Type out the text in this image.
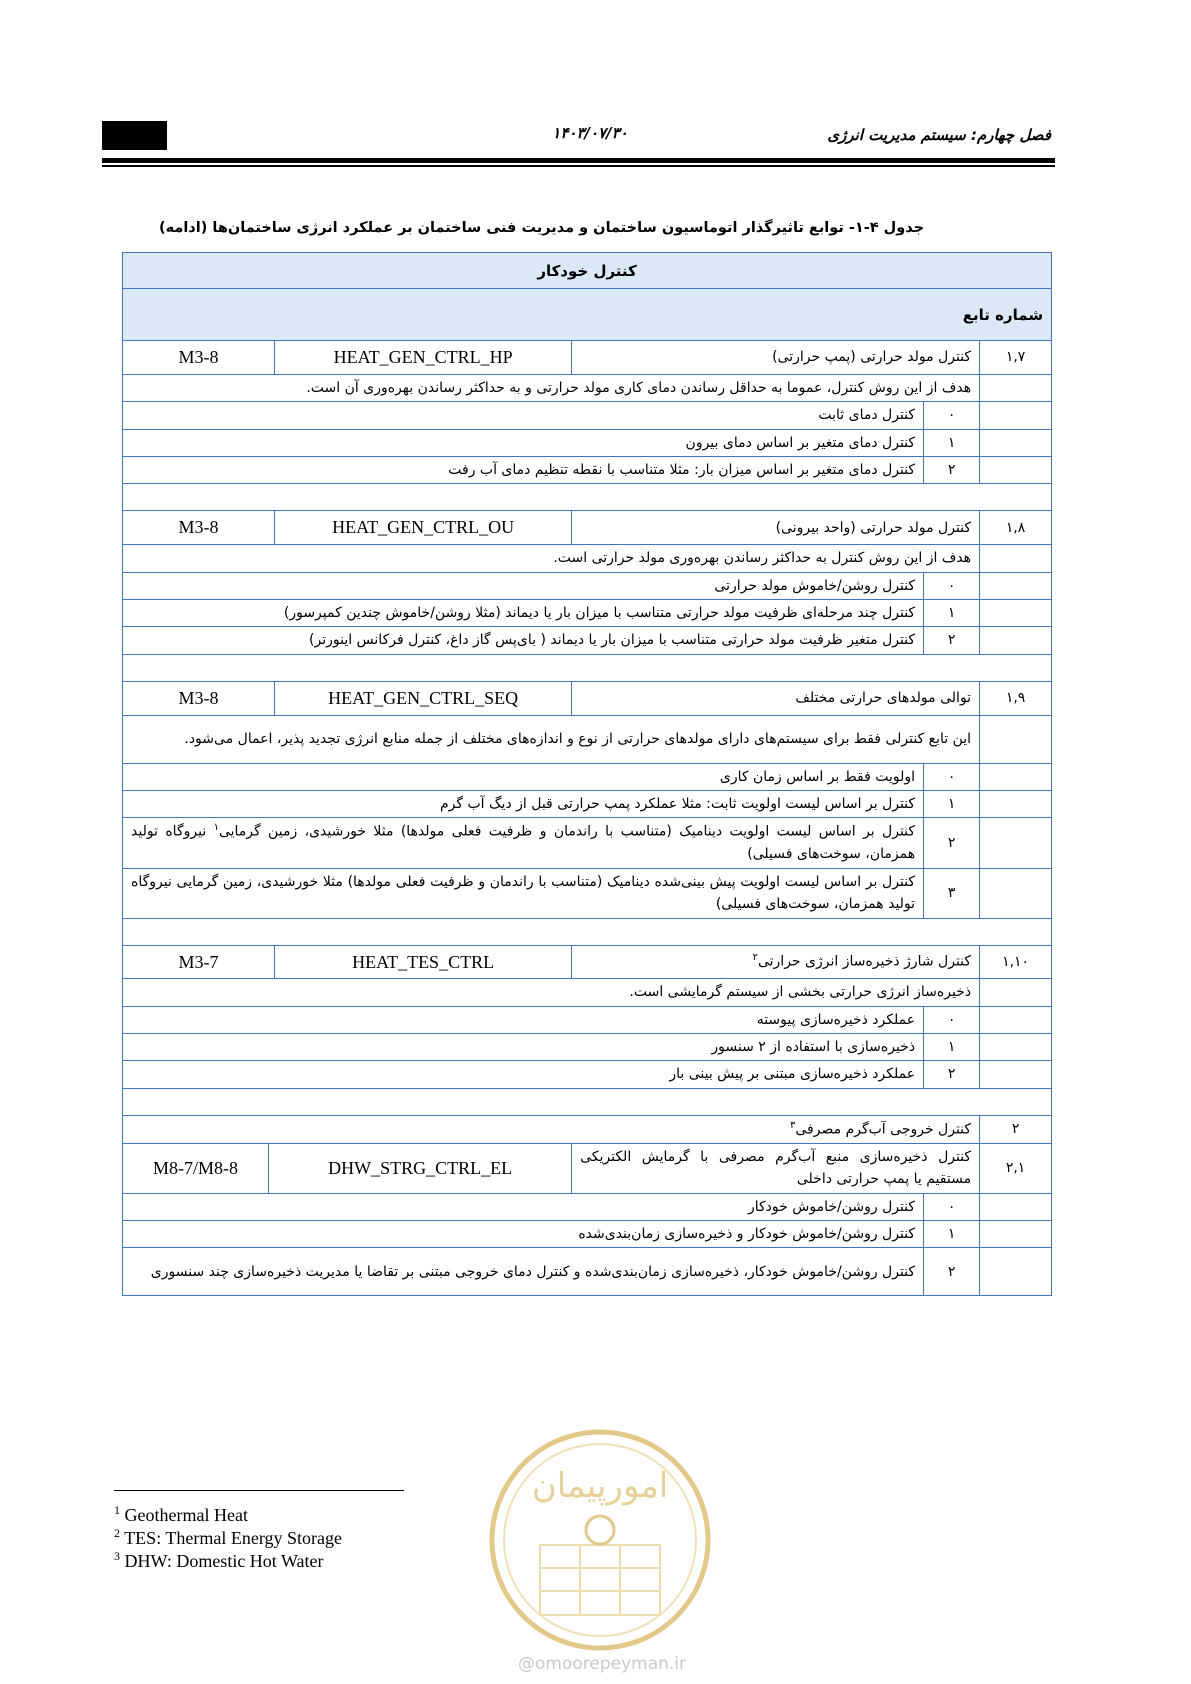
۱۴۰۳/۰۷/۳۰	فصل چهارم: سیستم مدیریت انرژی
جدول ۴-۱- توابع تاثیرگذار اتوماسیون ساختمان و مدیریت فنی ساختمان بر عملکرد انرژی ساختمان‌ها (ادامه)
کنترل خودکار					
شماره تابع					
۱,۷	کنترل مولد حرارتی (پمپ حرارتی)		HEAT_GEN_CTRL_HP	M3-8	
	هدف از این روش کنترل، عموما به حداقل رساندن دمای کاری مولد حرارتی و به حداکثر رساندن بهره‌وری آن است.				
	۰	کنترل دمای ثابت			
	۱	کنترل دمای متغیر بر اساس دمای بیرون			
	۲	کنترل دمای متغیر بر اساس میزان بار: مثلا متناسب با نقطه تنظیم دمای آب رفت			

۱,۸	کنترل مولد حرارتی (واحد بیرونی)		HEAT_GEN_CTRL_OU	M3-8	
	هدف از این روش کنترل به حداکثر رساندن بهره‌وری مولد حرارتی است.				
	۰	کنترل روشن/خاموش مولد حرارتی			
	۱	کنترل چند مرحله‌ای ظرفیت مولد حرارتی متناسب با میزان بار یا دیماند (مثلا روشن/خاموش چندین کمپرسور)			
	۲	کنترل متغیر ظرفیت مولد حرارتی متناسب با میزان بار یا دیماند ( بای‌پس گاز داغ، کنترل فرکانس اینورتر)			

۱,۹	توالی مولدهای حرارتی مختلف		HEAT_GEN_CTRL_SEQ	M3-8	
	این تابع کنترلی فقط برای سیستم‌های دارای مولدهای حرارتی از نوع و اندازه‌های مختلف از جمله منابع انرژی تجدید پذیر، اعمال می‌شود.				
	۰	اولویت فقط بر اساس زمان کاری			
	۱	کنترل بر اساس لیست اولویت ثابت: مثلا عملکرد پمپ حرارتی قبل از دیگ آب گرم			
	۲	کنترل بر اساس لیست اولویت دینامیک (متناسب با راندمان و ظرفیت فعلی مولدها) مثلا خورشیدی، زمین گرمایی$^۱$ نیروگاه تولید همزمان، سوخت‌های فسیلی)			
	۳	کنترل بر اساس لیست اولویت پیش بینی‌شده دینامیک (متناسب با راندمان و ظرفیت فعلی مولدها) مثلا خورشیدی، زمین گرمایی نیروگاه تولید همزمان، سوخت‌های فسیلی)			

۱,۱۰	کنترل شارژ ذخیره‌ساز انرژی حرارتی$^۲$		HEAT_TES_CTRL	M3-7	
	ذخیره‌ساز انرژی حرارتی بخشی از سیستم گرمایشی است.				
	۰	عملکرد ذخیره‌سازی پیوسته			
	۱	ذخیره‌سازی با استفاده از ۲ سنسور			
	۲	عملکرد ذخیره‌سازی مبتنی بر پیش بینی بار			

۲	کنترل خروجی آب‌گرم مصرفی$^۳$
۲,۱	کنترل ذخیره‌سازی منبع آب‌گرم مصرفی با گرمایش الکتریکی مستقیم یا پمپ حرارتی داخلی		DHW_STRG_CTRL_EL		M8-7/M8-8
	۰	کنترل روشن/خاموش خودکار			
	۱	کنترل روشن/خاموش خودکار و ذخیره‌سازی زمان‌بندی‌شده			
	۲	کنترل روشن/خاموش خودکار، ذخیره‌سازی زمان‌بندی‌شده و کنترل دمای خروجی مبتنی بر تقاضا یا مدیریت ذخیره‌سازی چند سنسوری			
امورپیمان
@omoorepeyman.ir
$^1$ Geothermal Heat
$^2$ TES: Thermal Energy Storage
$^3$ DHW: Domestic Hot Water
